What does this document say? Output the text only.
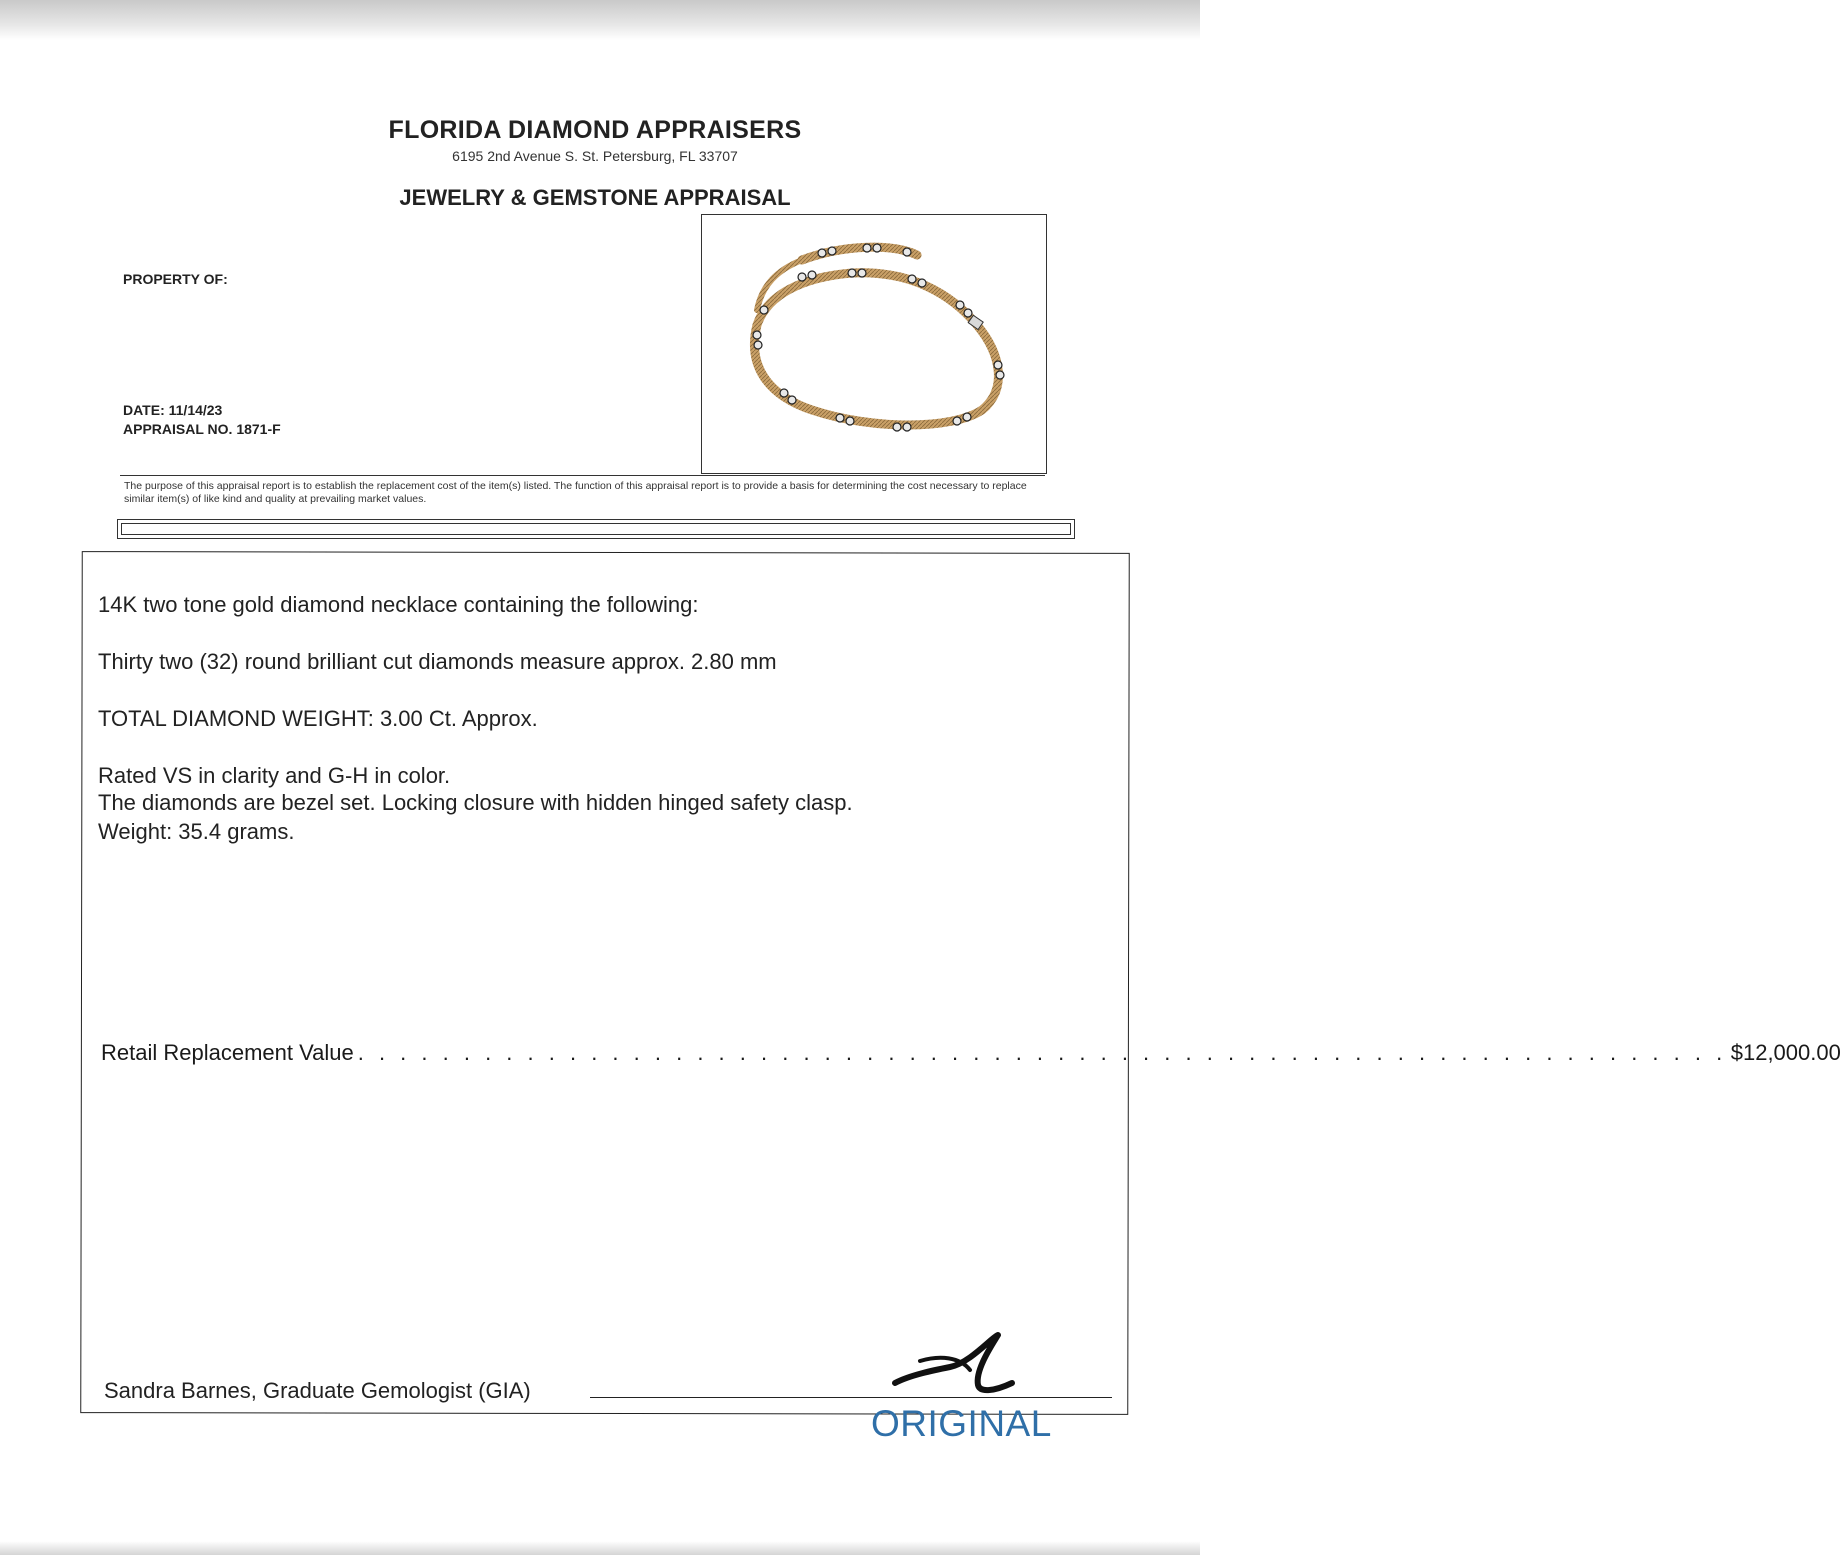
FLORIDA DIAMOND APPRAISERS
6195 2nd Avenue S. St. Petersburg, FL 33707
JEWELRY & GEMSTONE APPRAISAL
PROPERTY OF:
DATE: 11/14/23
APPRAISAL NO. 1871-F
The purpose of this appraisal report is to establish the replacement cost of the item(s) listed. The function of this appraisal report is to provide a basis for determining the cost necessary to replace similar item(s) of like kind and quality at prevailing market values.
14K two tone gold diamond necklace containing the following:
Thirty two (32) round brilliant cut diamonds measure approx. 2.80 mm
TOTAL DIAMOND WEIGHT: 3.00 Ct. Approx.
Rated VS in clarity and G-H in color.
The diamonds are bezel set. Locking closure with hidden hinged safety clasp.
Weight: 35.4 grams.
Retail Replacement Value . . . . . . . . . . . . . . . . . . . . . . . . . . . . . . . . . . . . . . . . . . . . . . . . . . . . . . . . . . . . . . . . . $12,000.00
Sandra Barnes, Graduate Gemologist (GIA)
ORIGINAL
